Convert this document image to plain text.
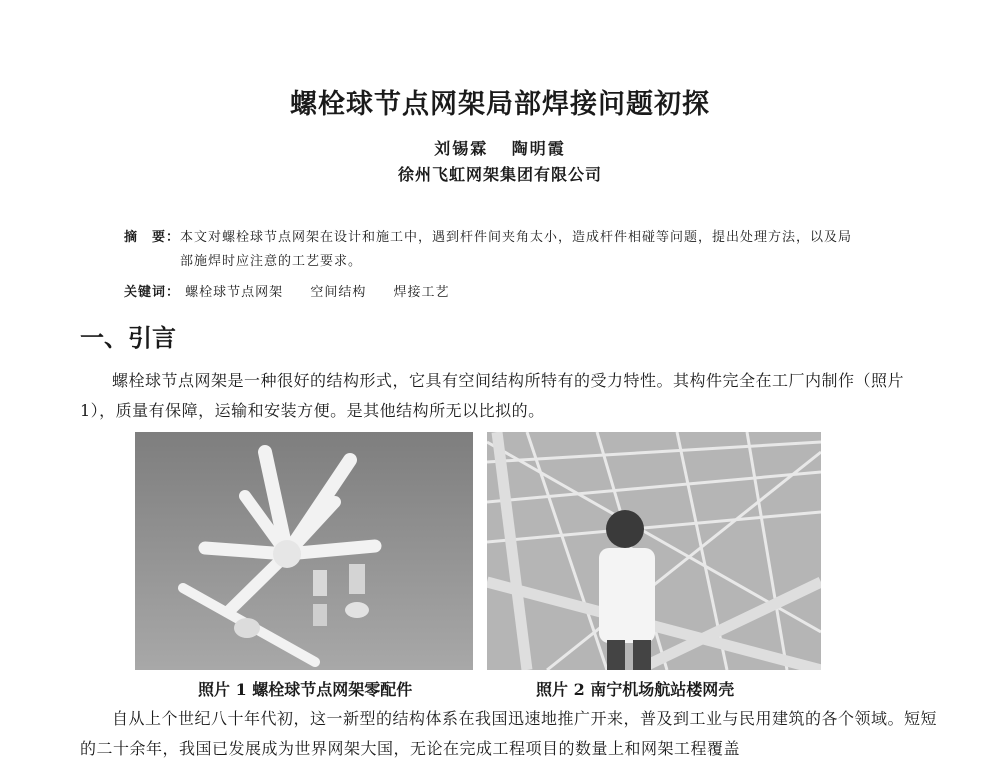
螺栓球节点网架局部焊接问题初探
刘锡霖 陶明霞
徐州飞虹网架集团有限公司
摘　要：本文对螺栓球节点网架在设计和施工中，遇到杆件间夹角太小，造成杆件相碰等问题，提出处理方法，以及局
部施焊时应注意的工艺要求。
关键词： 螺栓球节点网架 空间结构 焊接工艺
一、引言
螺栓球节点网架是一种很好的结构形式，它具有空间结构所特有的受力特性。其构件完全在工厂内制作（照片 1），质量有保障，运输和安装方便。是其他结构所无以比拟的。
照片 1 螺栓球节点网架零配件	照片 2 南宁机场航站楼网壳
自从上个世纪八十年代初，这一新型的结构体系在我国迅速地推广开来，普及到工业与民用建筑的各个领域。短短的二十余年，我国已发展成为世界网架大国，无论在完成工程项目的数量上和网架工程覆盖
